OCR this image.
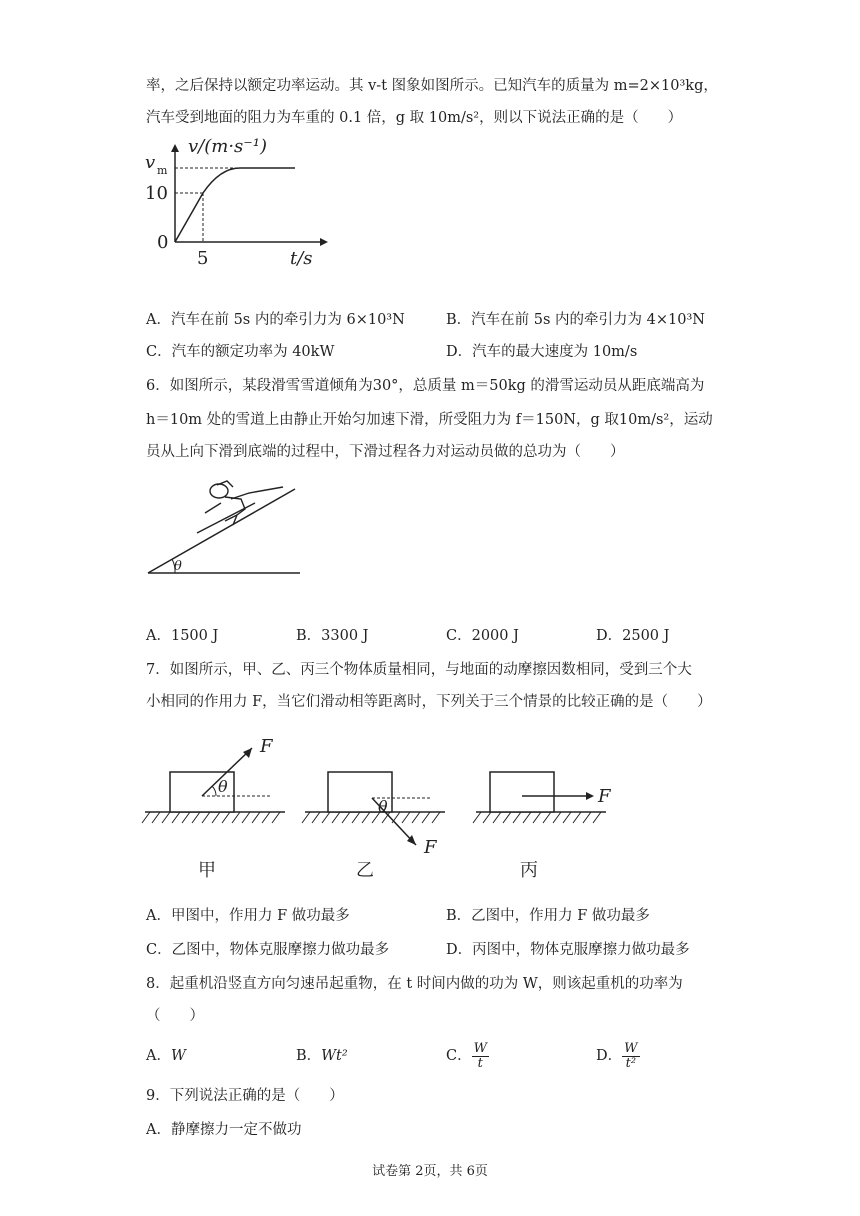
率，之后保持以额定功率运动。其 v-t 图象如图所示。已知汽车的质量为 m=2×10³kg，
汽车受到地面的阻力为车重的 0.1 倍，g 取 10m/s²，则以下说法正确的是（　　）
v/(m·s⁻¹)
v m
10
0
5	t/s
A．汽车在前 5s 内的牵引力为 6×10³N	B．汽车在前 5s 内的牵引力为 4×10³N
C．汽车的额定功率为 40kW	D．汽车的最大速度为 10m/s
6．如图所示，某段滑雪雪道倾角为30°，总质量 m＝50kg 的滑雪运动员从距底端高为
h＝10m 处的雪道上由静止开始匀加速下滑，所受阻力为 f＝150N，g 取10m/s²，运动
员从上向下滑到底端的过程中，下滑过程各力对运动员做的总功为（　　）
θ
A．1500 J	B．3300 J	C．2000 J	D．2500 J
7．如图所示，甲、乙、丙三个物体质量相同，与地面的动摩擦因数相同，受到三个大
小相同的作用力 F，当它们滑动相等距离时，下列关于三个情景的比较正确的是（　　）
θ
F
甲
θ
F
乙
F
丙
A．甲图中，作用力 F 做功最多	B．乙图中，作用力 F 做功最多
C．乙图中，物体克服摩擦力做功最多	D．丙图中，物体克服摩擦力做功最多
8．起重机沿竖直方向匀速吊起重物，在 t 时间内做的功为 W，则该起重机的功率为
（　　）
A．W	B．Wt²	C． $\frac{W}{t}$	D． $\frac{W}{\text{t²}}$
9．下列说法正确的是（　　）
A．静摩擦力一定不做功
试卷第 2页，共 6页
